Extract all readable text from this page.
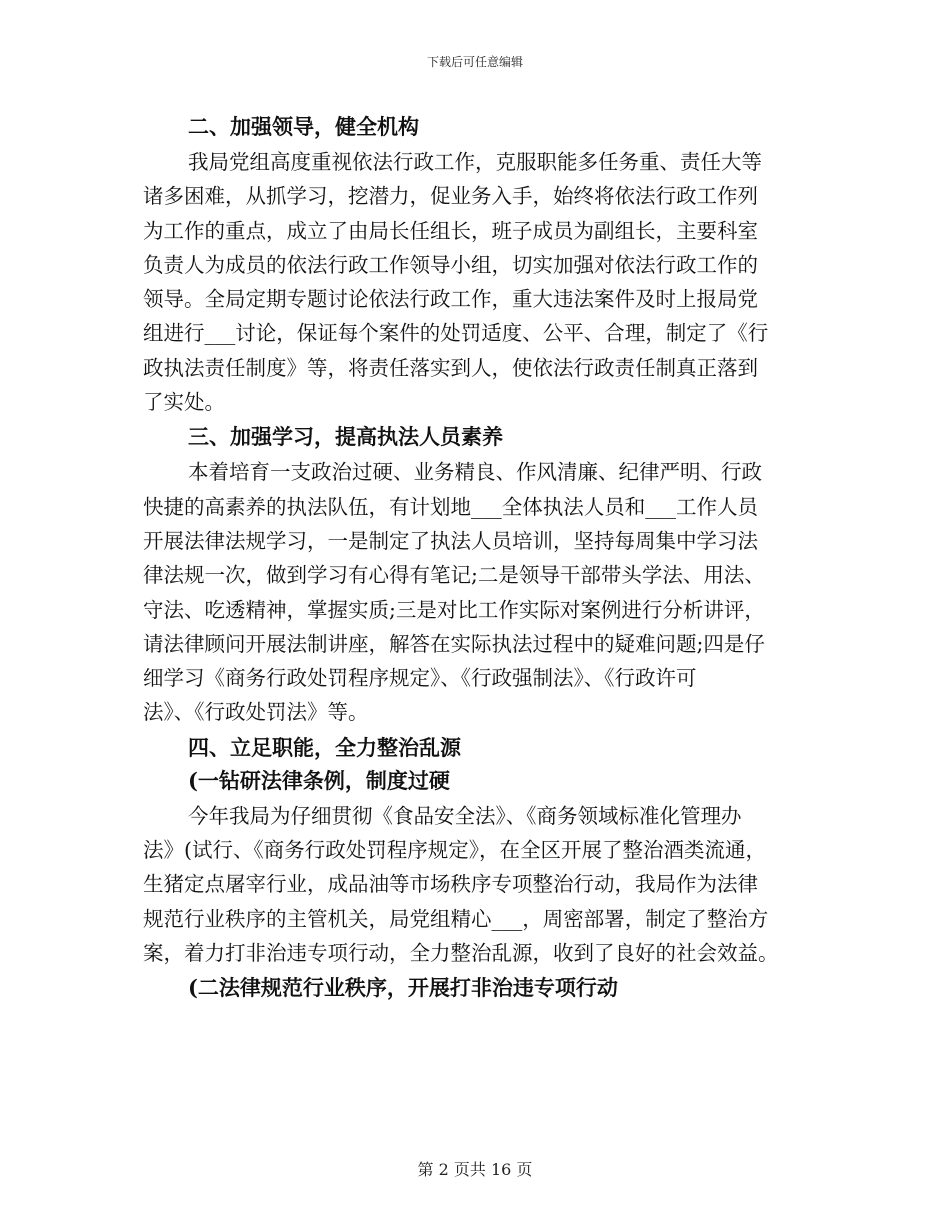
下载后可任意编辑
二、加强领导，健全机构
我局党组高度重视依法行政工作，克服职能多任务重、责任大等
诸多困难，从抓学习，挖潜力，促业务入手，始终将依法行政工作列
为工作的重点，成立了由局长任组长，班子成员为副组长，主要科室
负责人为成员的依法行政工作领导小组，切实加强对依法行政工作的
领导。全局定期专题讨论依法行政工作，重大违法案件及时上报局党
组进行___讨论，保证每个案件的处罚适度、公平、合理，制定了《行
政执法责任制度》等，将责任落实到人，使依法行政责任制真正落到
了实处。
三、加强学习，提高执法人员素养
本着培育一支政治过硬、业务精良、作风清廉、纪律严明、行政
快捷的高素养的执法队伍，有计划地___全体执法人员和___工作人员
开展法律法规学习，一是制定了执法人员培训，坚持每周集中学习法
律法规一次，做到学习有心得有笔记;二是领导干部带头学法、用法、
守法、吃透精神，掌握实质;三是对比工作实际对案例进行分析讲评，
请法律顾问开展法制讲座，解答在实际执法过程中的疑难问题;四是仔
细学习《商务行政处罚程序规定》、《行政强制法》、《行政许可
法》、《行政处罚法》等。
四、立足职能，全力整治乱源
(一钻研法律条例，制度过硬
今年我局为仔细贯彻《食品安全法》、《商务领域标准化管理办
法》(试行、《商务行政处罚程序规定》，在全区开展了整治酒类流通，
生猪定点屠宰行业，成品油等市场秩序专项整治行动，我局作为法律
规范行业秩序的主管机关，局党组精心___，周密部署，制定了整治方
案，着力打非治违专项行动，全力整治乱源，收到了良好的社会效益。
(二法律规范行业秩序，开展打非治违专项行动
第 2 页共 16 页
